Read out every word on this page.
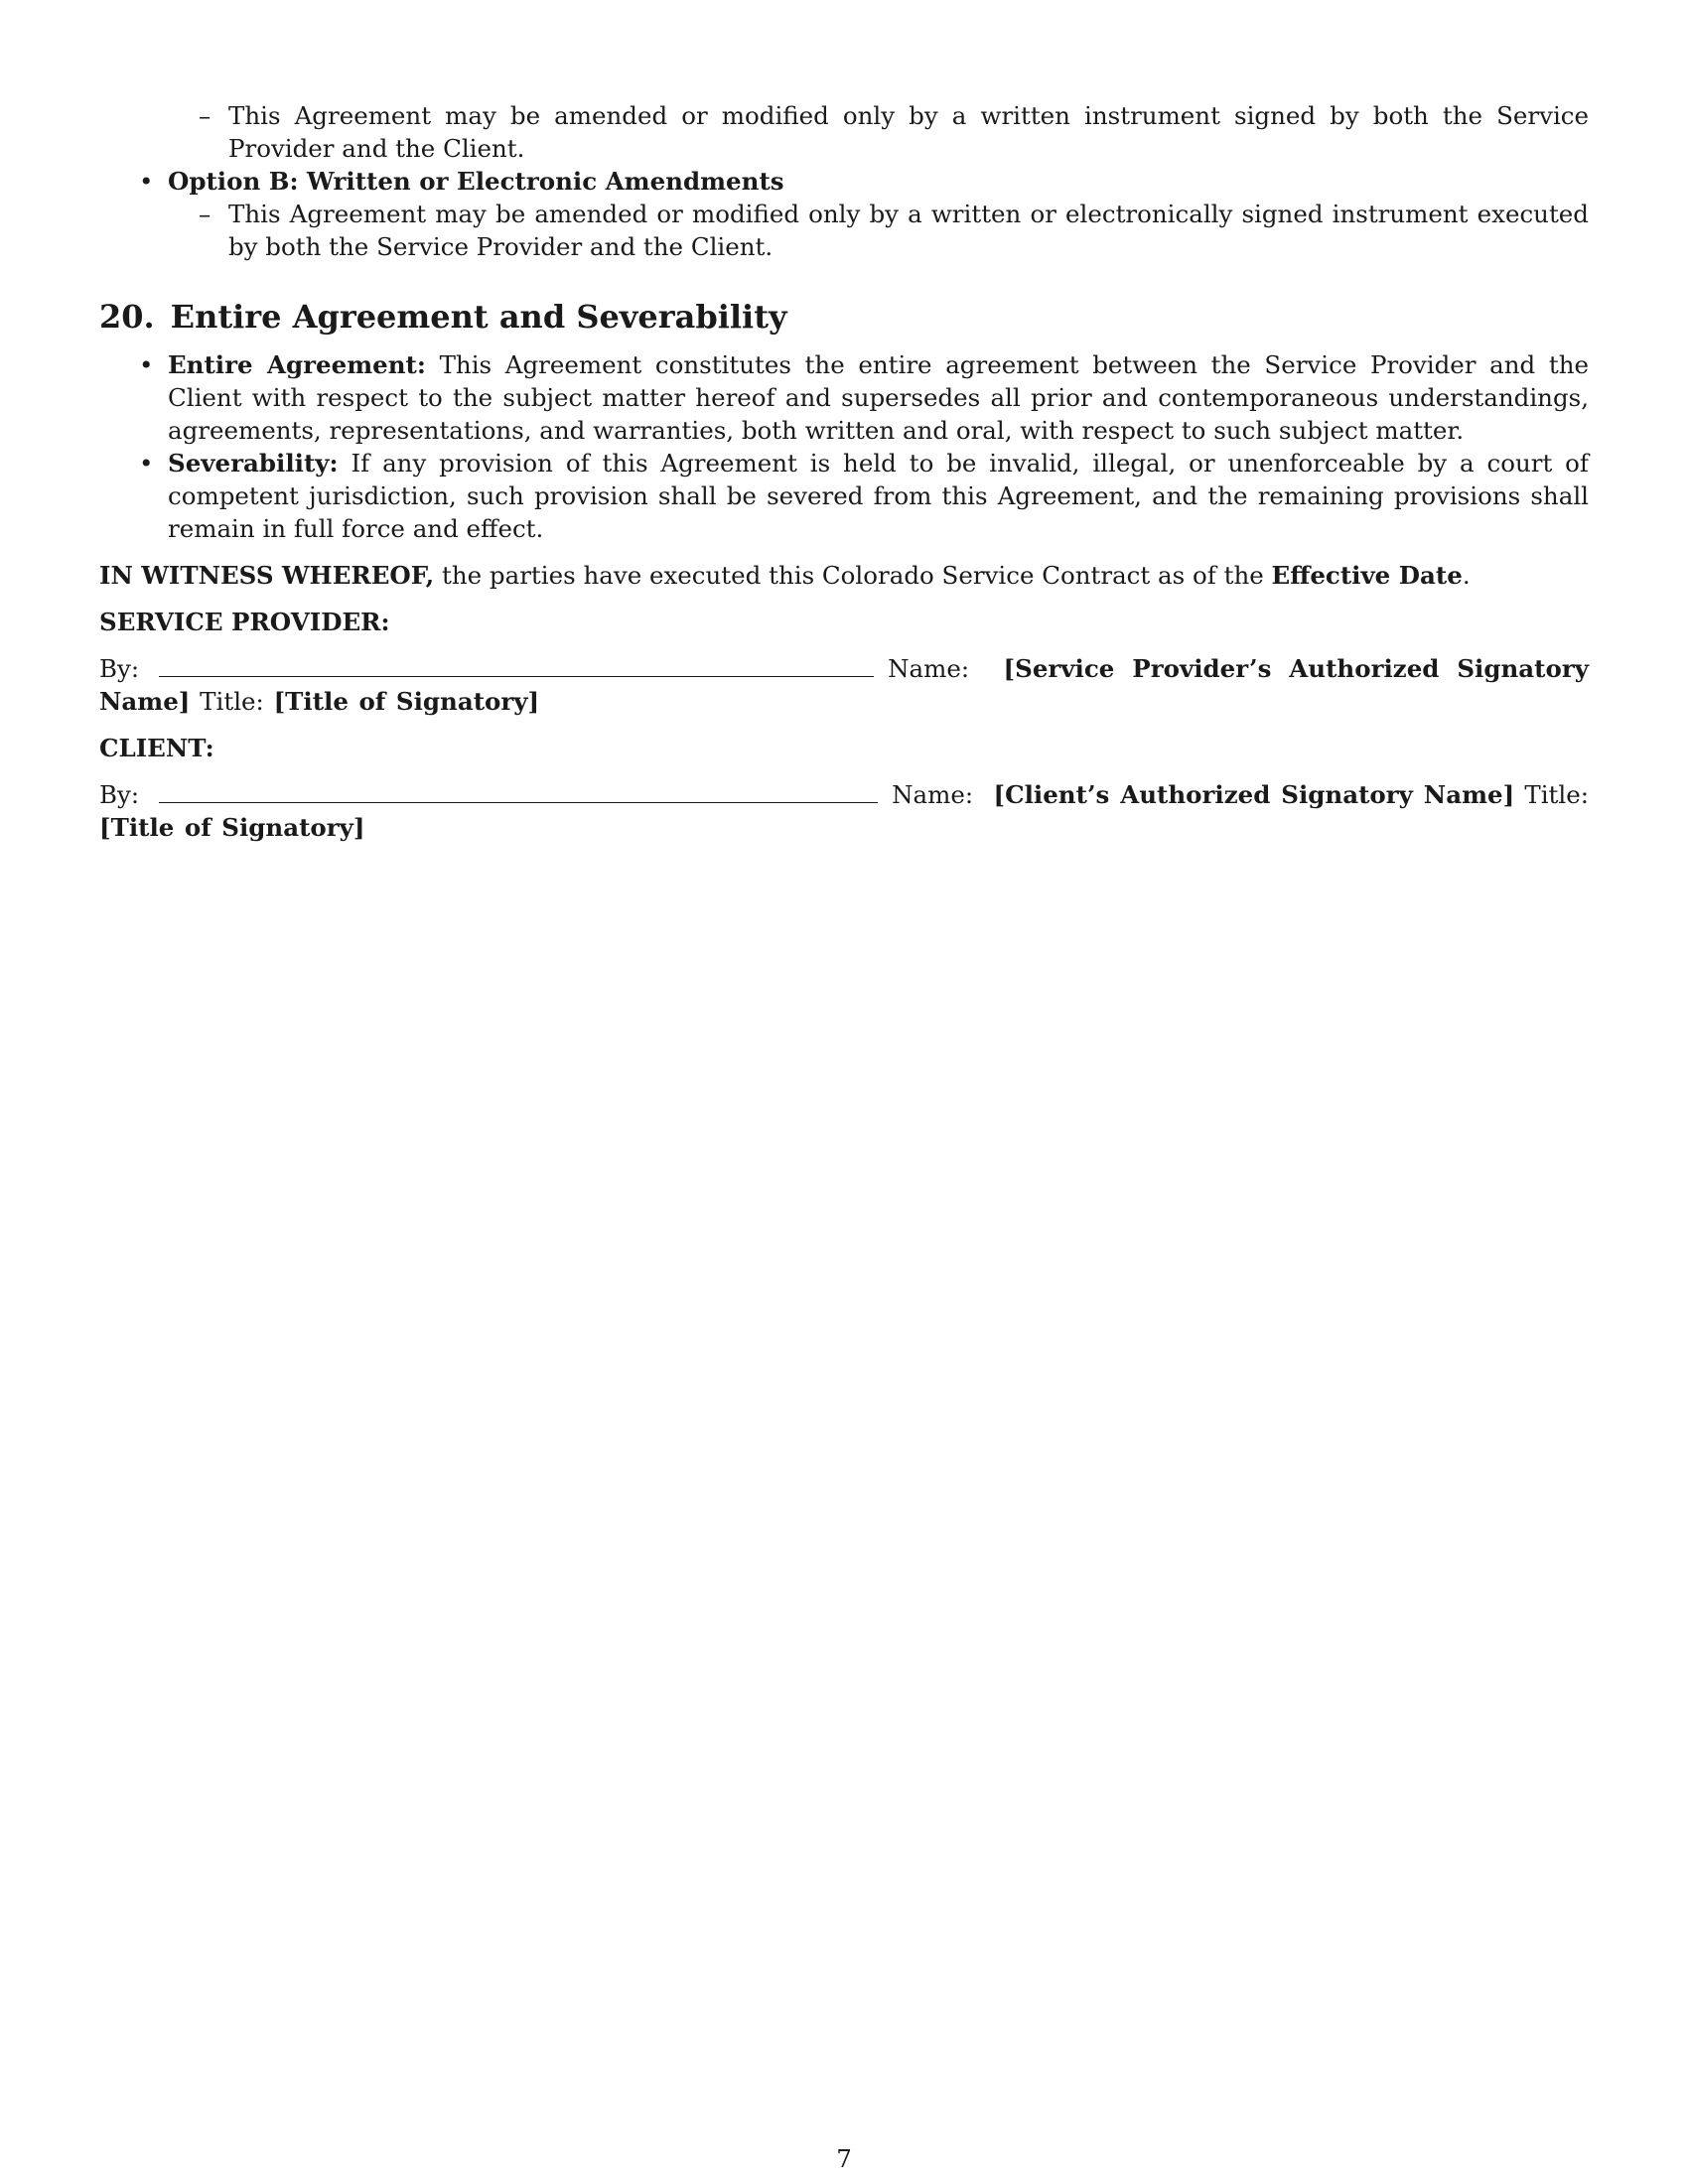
– This Agreement may be amended or modified only by a written instrument signed by both the Service Provider and the Client.
• Option B: Written or Electronic Amendments
– This Agreement may be amended or modified only by a written or electronically signed instrument executed by both the Service Provider and the Client.
20. Entire Agreement and Severability
• Entire Agreement: This Agreement constitutes the entire agreement between the Service Provider and the Client with respect to the subject matter hereof and supersedes all prior and contemporaneous understandings, agreements, representations, and warranties, both written and oral, with respect to such subject matter.
• Severability: If any provision of this Agreement is held to be invalid, illegal, or unenforceable by a court of competent jurisdiction, such provision shall be severed from this Agreement, and the remaining provisions shall remain in full force and effect.
IN WITNESS WHEREOF, the parties have executed this Colorado Service Contract as of the Effective Date.
SERVICE PROVIDER:
By:	Name: [Service Provider’s Authorized Signatory Name] Title: [Title of Signatory]
CLIENT:
By:	Name: [Client’s Authorized Signatory Name] Title: [Title of Signatory]
7
